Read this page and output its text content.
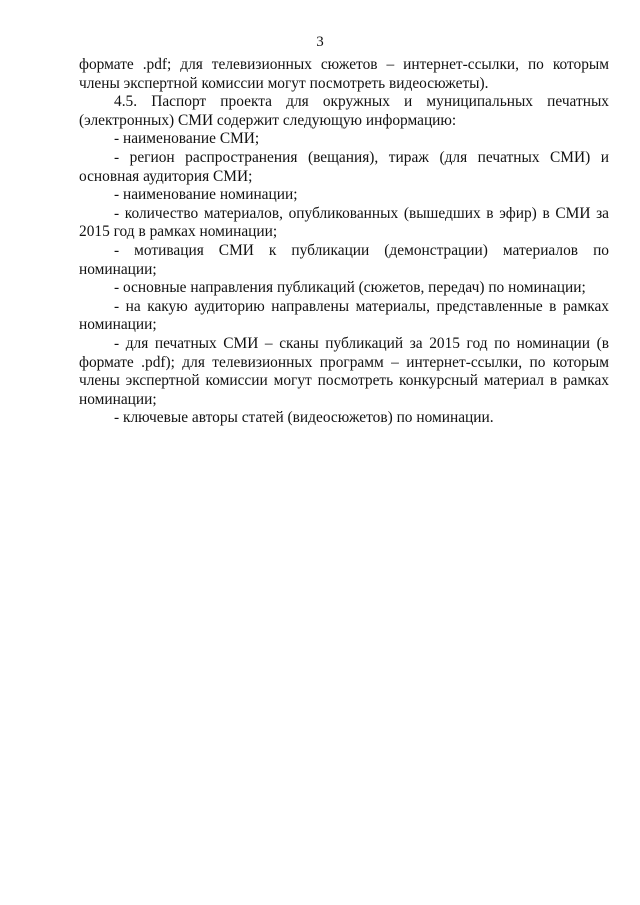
3

формате .pdf; для телевизионных сюжетов – интернет-ссылки, по которым члены экспертной комиссии могут посмотреть видеосюжеты).

4.5. Паспорт проекта для окружных и муниципальных печатных (электронных) СМИ содержит следующую информацию:

- наименование СМИ;

- регион распространения (вещания), тираж (для печатных СМИ) и основная аудитория СМИ;

- наименование номинации;

- количество материалов, опубликованных (вышедших в эфир) в СМИ за 2015 год в рамках номинации;

- мотивация СМИ к публикации (демонстрации) материалов по номинации;

- основные направления публикаций (сюжетов, передач) по номинации;

- на какую аудиторию направлены материалы, представленные в рамках номинации;

- для печатных СМИ – сканы публикаций за 2015 год по номинации (в формате .pdf); для телевизионных программ – интернет-ссылки, по которым члены экспертной комиссии могут посмотреть конкурсный материал в рамках номинации;

- ключевые авторы статей (видеосюжетов) по номинации.
